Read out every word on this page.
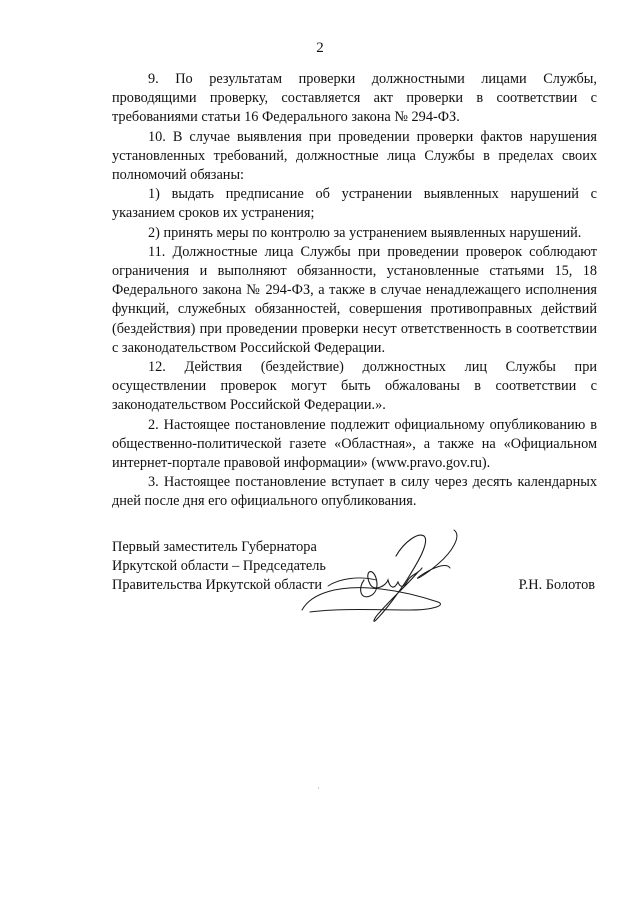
2

9. По результатам проверки должностными лицами Службы, проводящими проверку, составляется акт проверки в соответствии с требованиями статьи 16 Федерального закона № 294-ФЗ.

10. В случае выявления при проведении проверки фактов нарушения установленных требований, должностные лица Службы в пределах своих полномочий обязаны:

1) выдать предписание об устранении выявленных нарушений с указанием сроков их устранения;

2) принять меры по контролю за устранением выявленных нарушений.

11. Должностные лица Службы при проведении проверок соблюдают ограничения и выполняют обязанности, установленные статьями 15, 18 Федерального закона № 294-ФЗ, а также в случае ненадлежащего исполнения функций, служебных обязанностей, совершения противоправных действий (бездействия) при проведении проверки несут ответственность в соответствии с законодательством Российской Федерации.

12. Действия (бездействие) должностных лиц Службы при осуществлении проверок могут быть обжалованы в соответствии с законодательством Российской Федерации.».

2. Настоящее постановление подлежит официальному опубликованию в общественно-политической газете «Областная», а также на «Официальном интернет-портале правовой информации» (www.pravo.gov.ru).

3. Настоящее постановление вступает в силу через десять календарных дней после дня его официального опубликования.

Первый заместитель Губернатора
Иркутской области – Председатель
Правительства Иркутской области	Р.Н. Болотов
